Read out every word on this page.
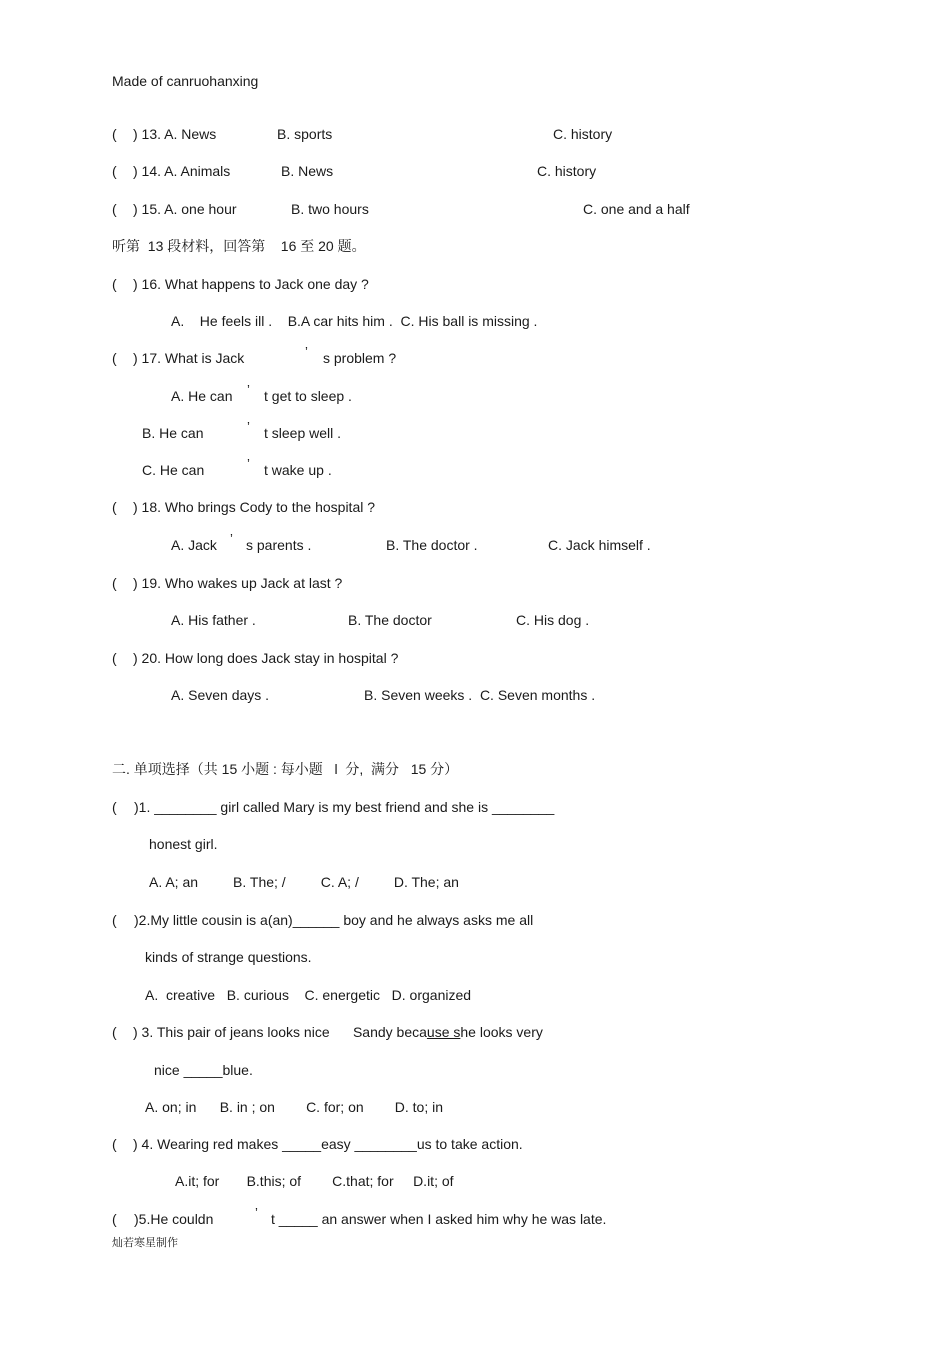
Made of canruohanxing
( ) 13. A. News	B. sports	C. history
( ) 14. A. Animals	B. News	C. history
( ) 15. A. one hour	B. two hours	C. one and a half
听第  13 段材料，回答第    16 至 20 题。
( ) 16. What happens to Jack one day ?
A.    He feels ill .    B.A car hits him .  C. His ball is missing .
( ) 17. What is Jack	’ s problem ?
A. He can ’ t get to sleep .
B. He can	’ t sleep well .
C. He can	’ t wake up .
( ) 18. Who brings Cody to the hospital ?
A. Jack ’ s parents .	B. The doctor .	C. Jack himself .
( ) 19. Who wakes up Jack at last ?
A. His father .	B. The doctor	C. His dog .
( ) 20. How long does Jack stay in hospital ?
A. Seven days .	B. Seven weeks .  C. Seven months .
二. 单项选择（共 15 小题 : 每小题   l  分,  满分   15 分）
( )1. ________ girl called Mary is my best friend and she is ________
honest girl.
A. A; an         B. The; /         C. A; /         D. The; an
( )2.My little cousin is a(an)______ boy and he always asks me all
kinds of strange questions.
A.  creative   B. curious    C. energetic   D. organized
( ) 3. This pair of jeans looks nice      Sandy because she looks very
nice _____blue.
A. on; in      B. in ; on        C. for; on        D. to; in
( ) 4. Wearing red makes _____easy ________us to take action.
A.it; for       B.this; of        C.that; for     D.it; of
( )5.He couldn	’ t _____ an answer when I asked him why he was late.
灿若寒星制作
